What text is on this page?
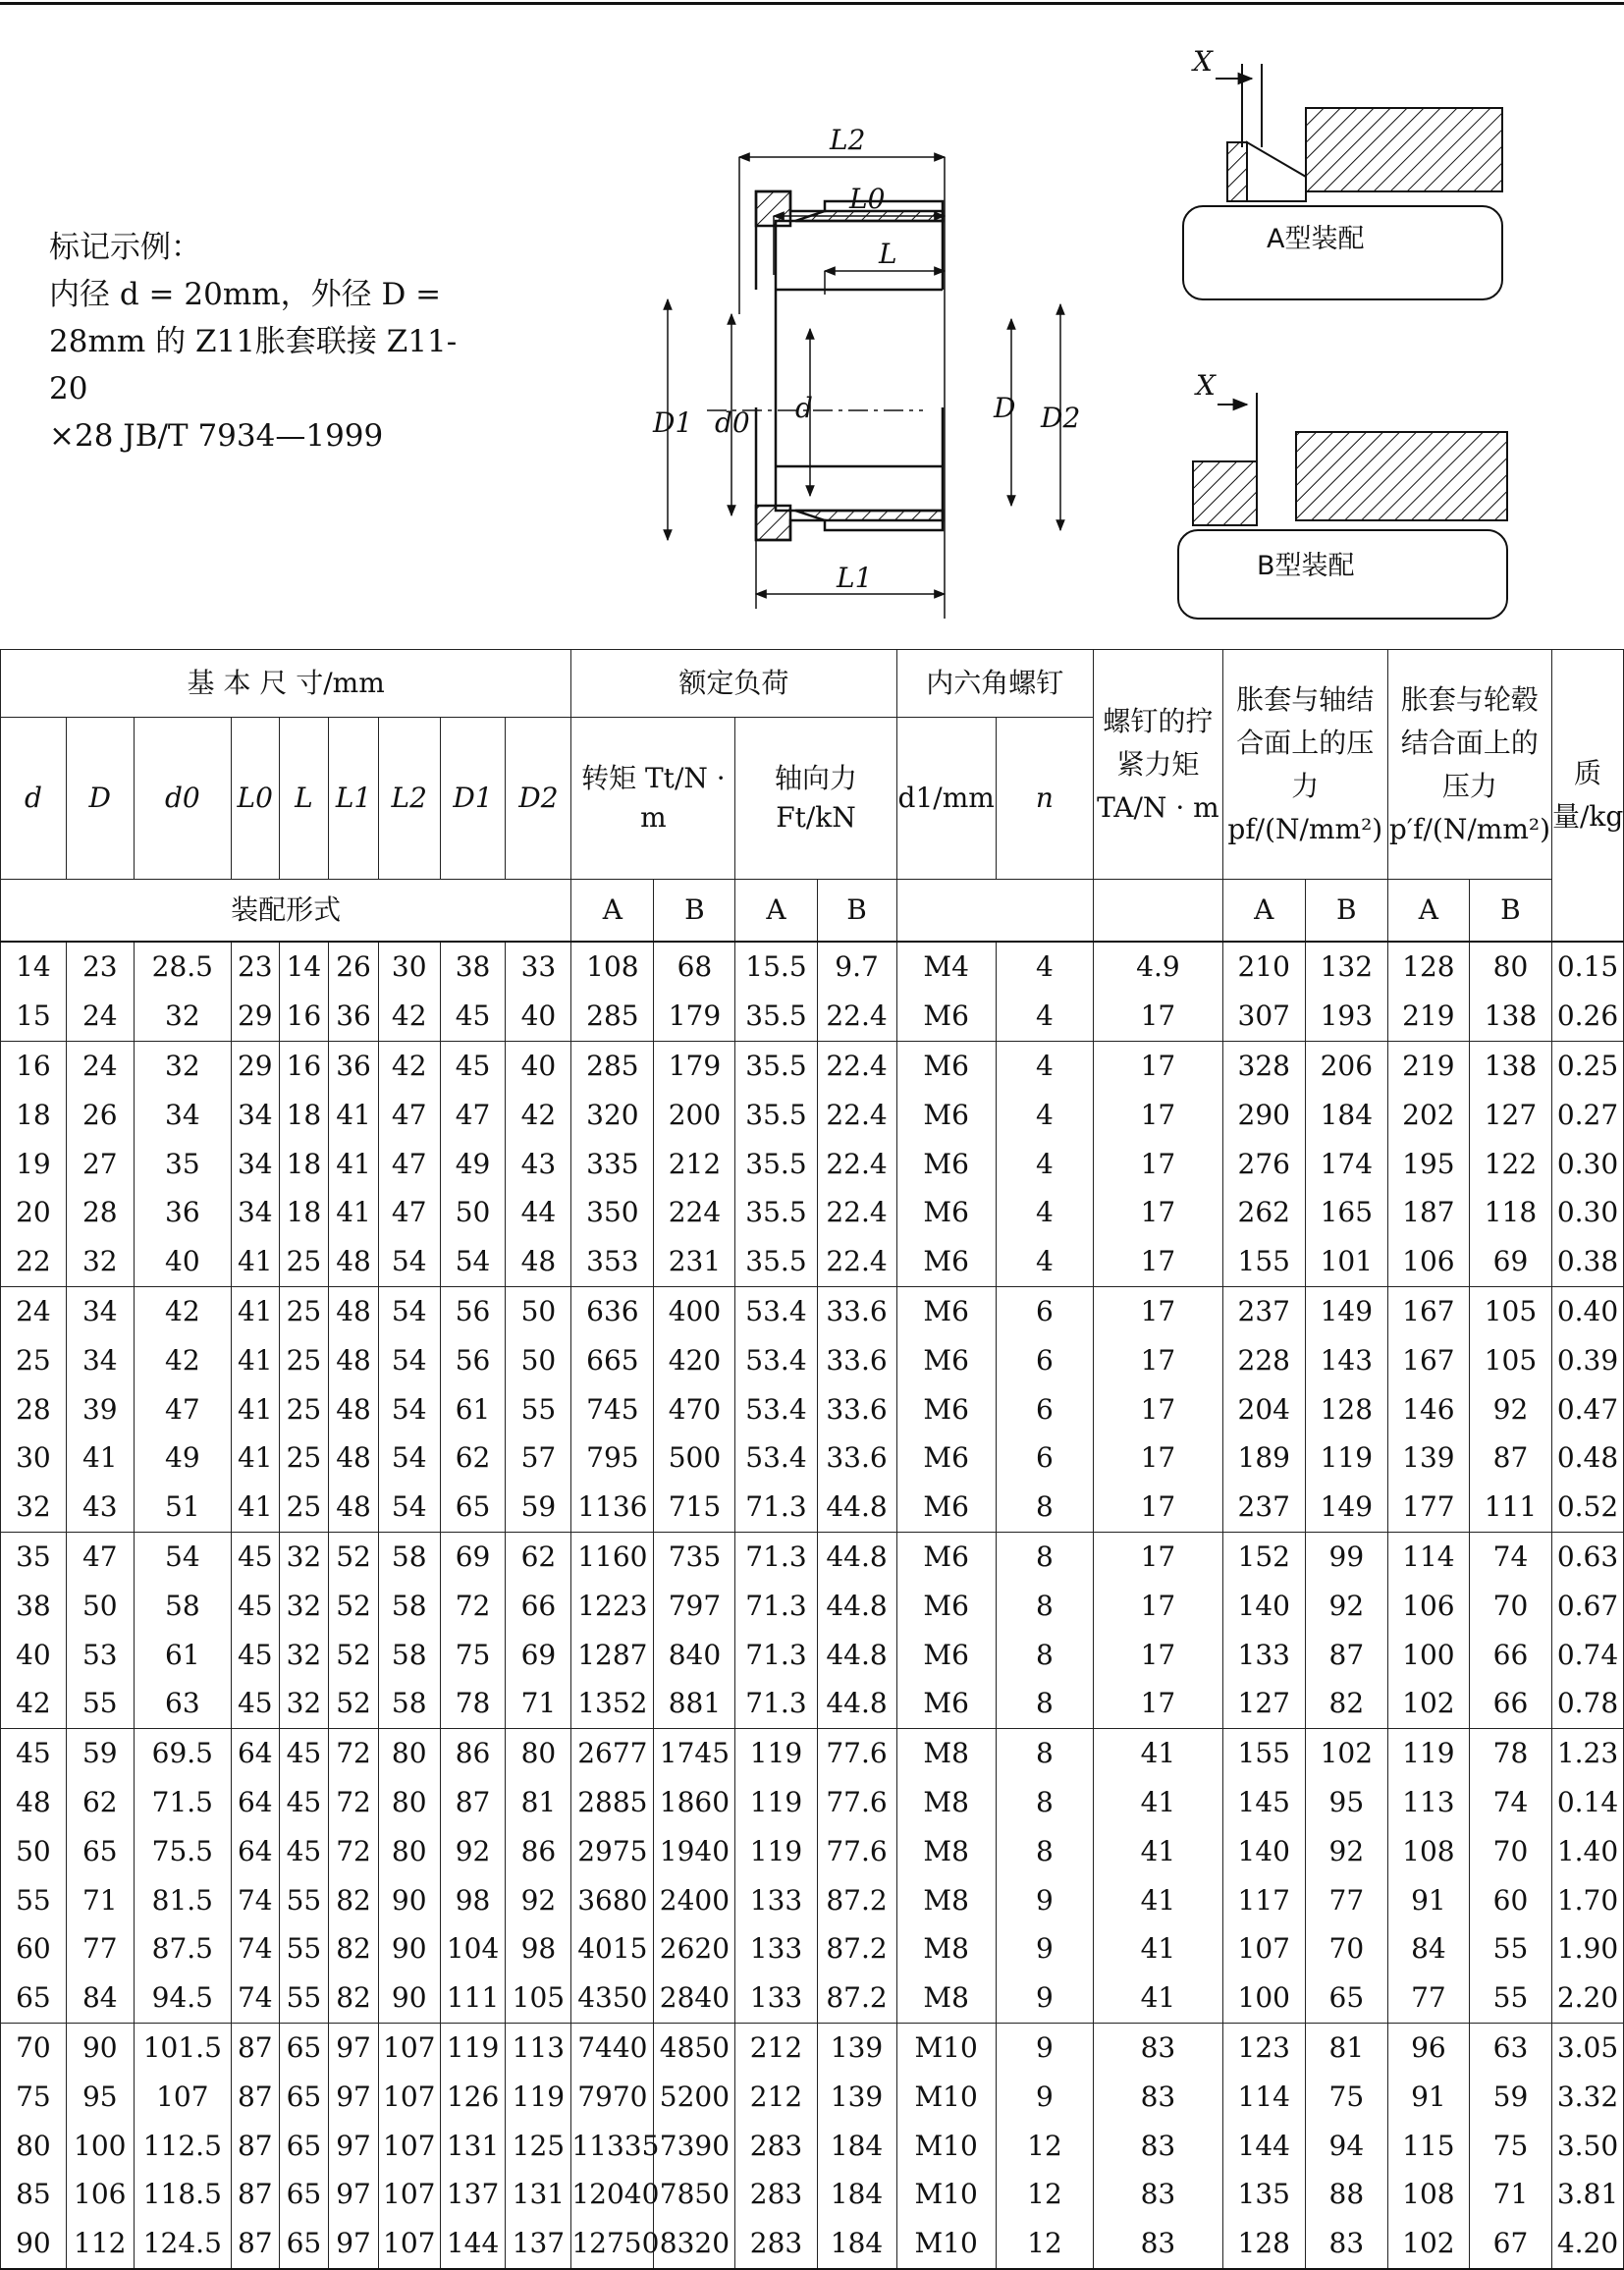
标记示例：

内径 d = 20mm，外径 D =

28mm 的 Z11胀套联接 Z11-20

×28 JB/T 7934—1999

L2
L0
L
L1
D1 d0 d	D D2
X
A型装配
X
B型装配
基 本 尺 寸/mm									额定负荷				内六角螺钉		螺钉的拧紧力矩 TA/N · m	胀套与轴结合面上的压力 pf/(N/mm²)		胀套与轮毂结合面上的压力 p′f/(N/mm²)		质量/kg
d	D	d0	L0	L	L1	L2	D1	D2	转矩 Tt/N · m		轴向力 Ft/kN		d1/mm	n						
装配形式									A	B	A	B				A	B	A	B	
14	23	28.5	23	14	26	30	38	33	108	68	15.5	9.7	M4	4	4.9	210	132	128	80	0.15
15	24	32	29	16	36	42	45	40	285	179	35.5	22.4	M6	4	17	307	193	219	138	0.26
16	24	32	29	16	36	42	45	40	285	179	35.5	22.4	M6	4	17	328	206	219	138	0.25
18	26	34	34	18	41	47	47	42	320	200	35.5	22.4	M6	4	17	290	184	202	127	0.27
19	27	35	34	18	41	47	49	43	335	212	35.5	22.4	M6	4	17	276	174	195	122	0.30
20	28	36	34	18	41	47	50	44	350	224	35.5	22.4	M6	4	17	262	165	187	118	0.30
22	32	40	41	25	48	54	54	48	353	231	35.5	22.4	M6	4	17	155	101	106	69	0.38
24	34	42	41	25	48	54	56	50	636	400	53.4	33.6	M6	6	17	237	149	167	105	0.40
25	34	42	41	25	48	54	56	50	665	420	53.4	33.6	M6	6	17	228	143	167	105	0.39
28	39	47	41	25	48	54	61	55	745	470	53.4	33.6	M6	6	17	204	128	146	92	0.47
30	41	49	41	25	48	54	62	57	795	500	53.4	33.6	M6	6	17	189	119	139	87	0.48
32	43	51	41	25	48	54	65	59	1136	715	71.3	44.8	M6	8	17	237	149	177	111	0.52
35	47	54	45	32	52	58	69	62	1160	735	71.3	44.8	M6	8	17	152	99	114	74	0.63
38	50	58	45	32	52	58	72	66	1223	797	71.3	44.8	M6	8	17	140	92	106	70	0.67
40	53	61	45	32	52	58	75	69	1287	840	71.3	44.8	M6	8	17	133	87	100	66	0.74
42	55	63	45	32	52	58	78	71	1352	881	71.3	44.8	M6	8	17	127	82	102	66	0.78
45	59	69.5	64	45	72	80	86	80	2677	1745	119	77.6	M8	8	41	155	102	119	78	1.23
48	62	71.5	64	45	72	80	87	81	2885	1860	119	77.6	M8	8	41	145	95	113	74	0.14
50	65	75.5	64	45	72	80	92	86	2975	1940	119	77.6	M8	8	41	140	92	108	70	1.40
55	71	81.5	74	55	82	90	98	92	3680	2400	133	87.2	M8	9	41	117	77	91	60	1.70
60	77	87.5	74	55	82	90	104	98	4015	2620	133	87.2	M8	9	41	107	70	84	55	1.90
65	84	94.5	74	55	82	90	111	105	4350	2840	133	87.2	M8	9	41	100	65	77	55	2.20
70	90	101.5	87	65	97	107	119	113	7440	4850	212	139	M10	9	83	123	81	96	63	3.05
75	95	107	87	65	97	107	126	119	7970	5200	212	139	M10	9	83	114	75	91	59	3.32
80	100	112.5	87	65	97	107	131	125	11335	7390	283	184	M10	12	83	144	94	115	75	3.50
85	106	118.5	87	65	97	107	137	131	12040	7850	283	184	M10	12	83	135	88	108	71	3.81
90	112	124.5	87	65	97	107	144	137	12750	8320	283	184	M10	12	83	128	83	102	67	4.20
